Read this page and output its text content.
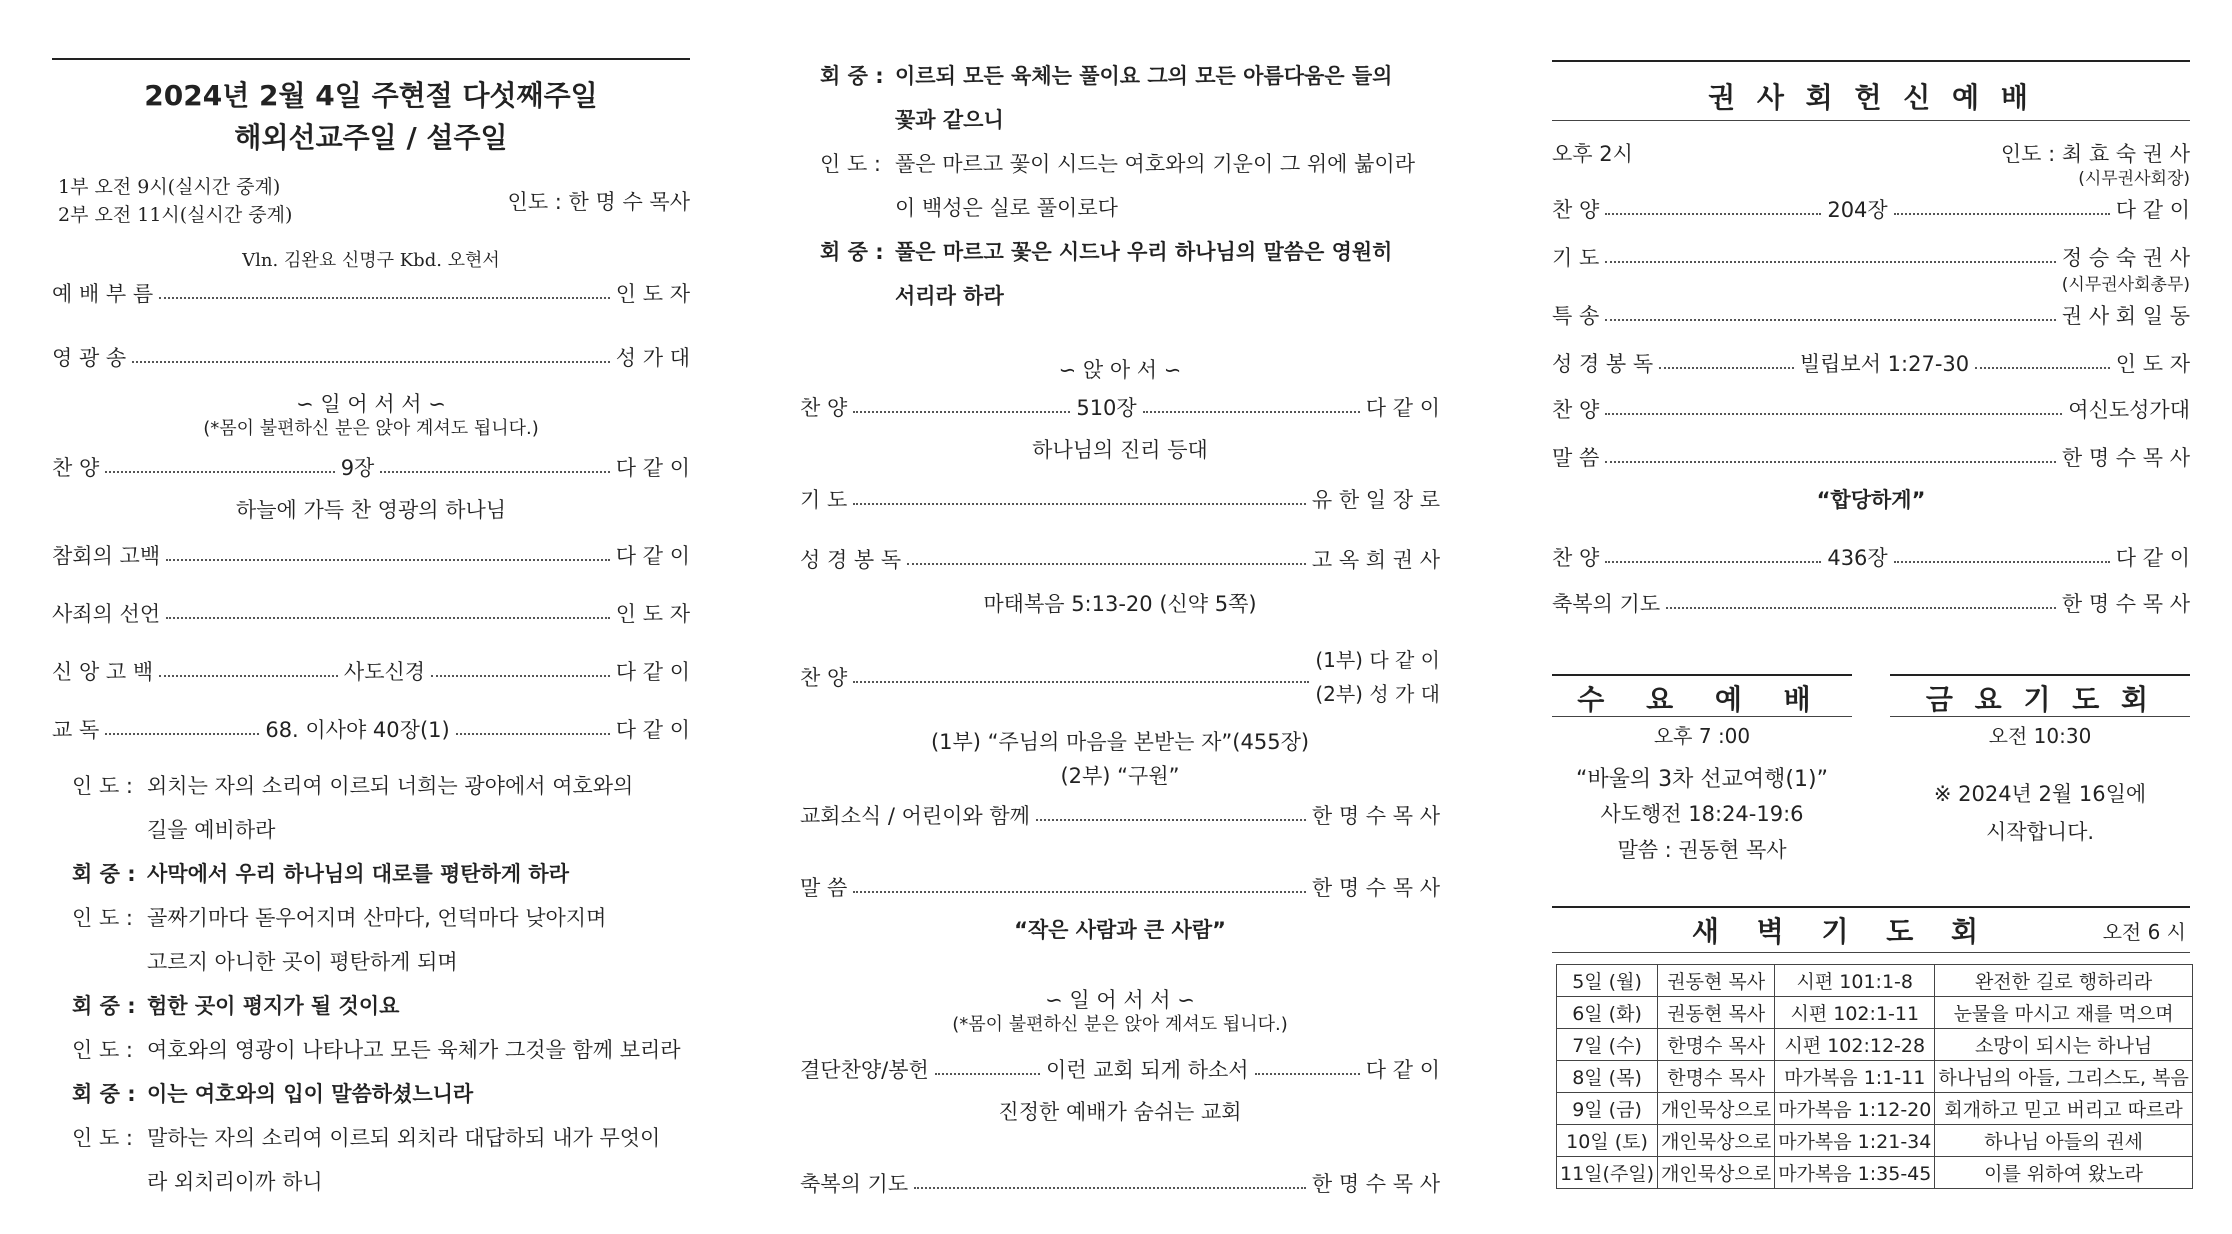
2024년 2월 4일 주현절 다섯째주일
해외선교주일 / 설주일
1부 오전 9시(실시간 중계)
2부 오전 11시(실시간 중계)
인도 : 한 명 수 목사
Vln. 김완요 신명구 Kbd. 오현서
예 배 부 름	인 도 자
영 광 송	성 가 대
∽ 일 어 서 서 ∽
(*몸이 불편하신 분은 앉아 계셔도 됩니다.)
찬 양	9장	다 같 이
하늘에 가득 찬 영광의 하나님
참회의 고백	다 같 이
사죄의 선언	인 도 자
신 앙 고 백	사도신경	다 같 이
교 독	68. 이사야 40장(1)	다 같 이
인 도 : 외치는 자의 소리여 이르되 너희는 광야에서 여호와의
길을 예비하라
회 중 : 사막에서 우리 하나님의 대로를 평탄하게 하라
인 도 : 골짜기마다 돋우어지며 산마다, 언덕마다 낮아지며
고르지 아니한 곳이 평탄하게 되며
회 중 : 험한 곳이 평지가 될 것이요
인 도 : 여호와의 영광이 나타나고 모든 육체가 그것을 함께 보리라
회 중 : 이는 여호와의 입이 말씀하셨느니라
인 도 : 말하는 자의 소리여 이르되 외치라 대답하되 내가 무엇이
라 외치리이까 하니
회 중 : 이르되 모든 육체는 풀이요 그의 모든 아름다움은 들의
꽃과 같으니
인 도 : 풀은 마르고 꽃이 시드는 여호와의 기운이 그 위에 붊이라
이 백성은 실로 풀이로다
회 중 : 풀은 마르고 꽃은 시드나 우리 하나님의 말씀은 영원히
서리라 하라
∽ 앉 아 서 ∽
찬 양	510장	다 같 이
하나님의 진리 등대
기 도	유 한 일 장 로
성 경 봉 독	고 옥 희 권 사
마태복음 5:13-20 (신약 5쪽)
찬 양
(1부) 다 같 이
(2부) 성 가 대
(1부) “주님의 마음을 본받는 자”(455장)
(2부) “구원”
교회소식 / 어린이와 함께	한 명 수 목 사
말 씀	한 명 수 목 사
“작은 사람과 큰 사람”
∽ 일 어 서 서 ∽
(*몸이 불편하신 분은 앉아 계셔도 됩니다.)
결단찬양/봉헌	이런 교회 되게 하소서	다 같 이
진정한 예배가 숨쉬는 교회
축복의 기도	한 명 수 목 사
권 사 회 헌 신 예 배
오후 2시	인도 : 최 효 숙 권 사
(시무권사회장)
찬 양	204장	다 같 이
기 도	정 승 숙 권 사
(시무권사회총무)
특 송	권 사 회 일 동
성 경 봉 독	빌립보서 1:27-30	인 도 자
찬 양	여신도성가대
말 씀	한 명 수 목 사
“합당하게”
찬 양	436장	다 같 이
축복의 기도	한 명 수 목 사
수 요 예 배
오후 7 :00
“바울의 3차 선교여행(1)”
사도행전 18:24-19:6
말씀 : 권동현 목사
금 요 기 도 회
오전 10:30
※ 2024년 2월 16일에
시작합니다.
새 벽 기 도 회	오전 6 시
5일 (월)	권동현 목사	시편 101:1-8	완전한 길로 행하리라
6일 (화)	권동현 목사	시편 102:1-11	눈물을 마시고 재를 먹으며
7일 (수)	한명수 목사	시편 102:12-28	소망이 되시는 하나님
8일 (목)	한명수 목사	마가복음 1:1-11	하나님의 아들, 그리스도, 복음
9일 (금)	개인묵상으로	마가복음 1:12-20	회개하고 믿고 버리고 따르라
10일 (토)	개인묵상으로	마가복음 1:21-34	하나님 아들의 권세
11일(주일)	개인묵상으로	마가복음 1:35-45	이를 위하여 왔노라
